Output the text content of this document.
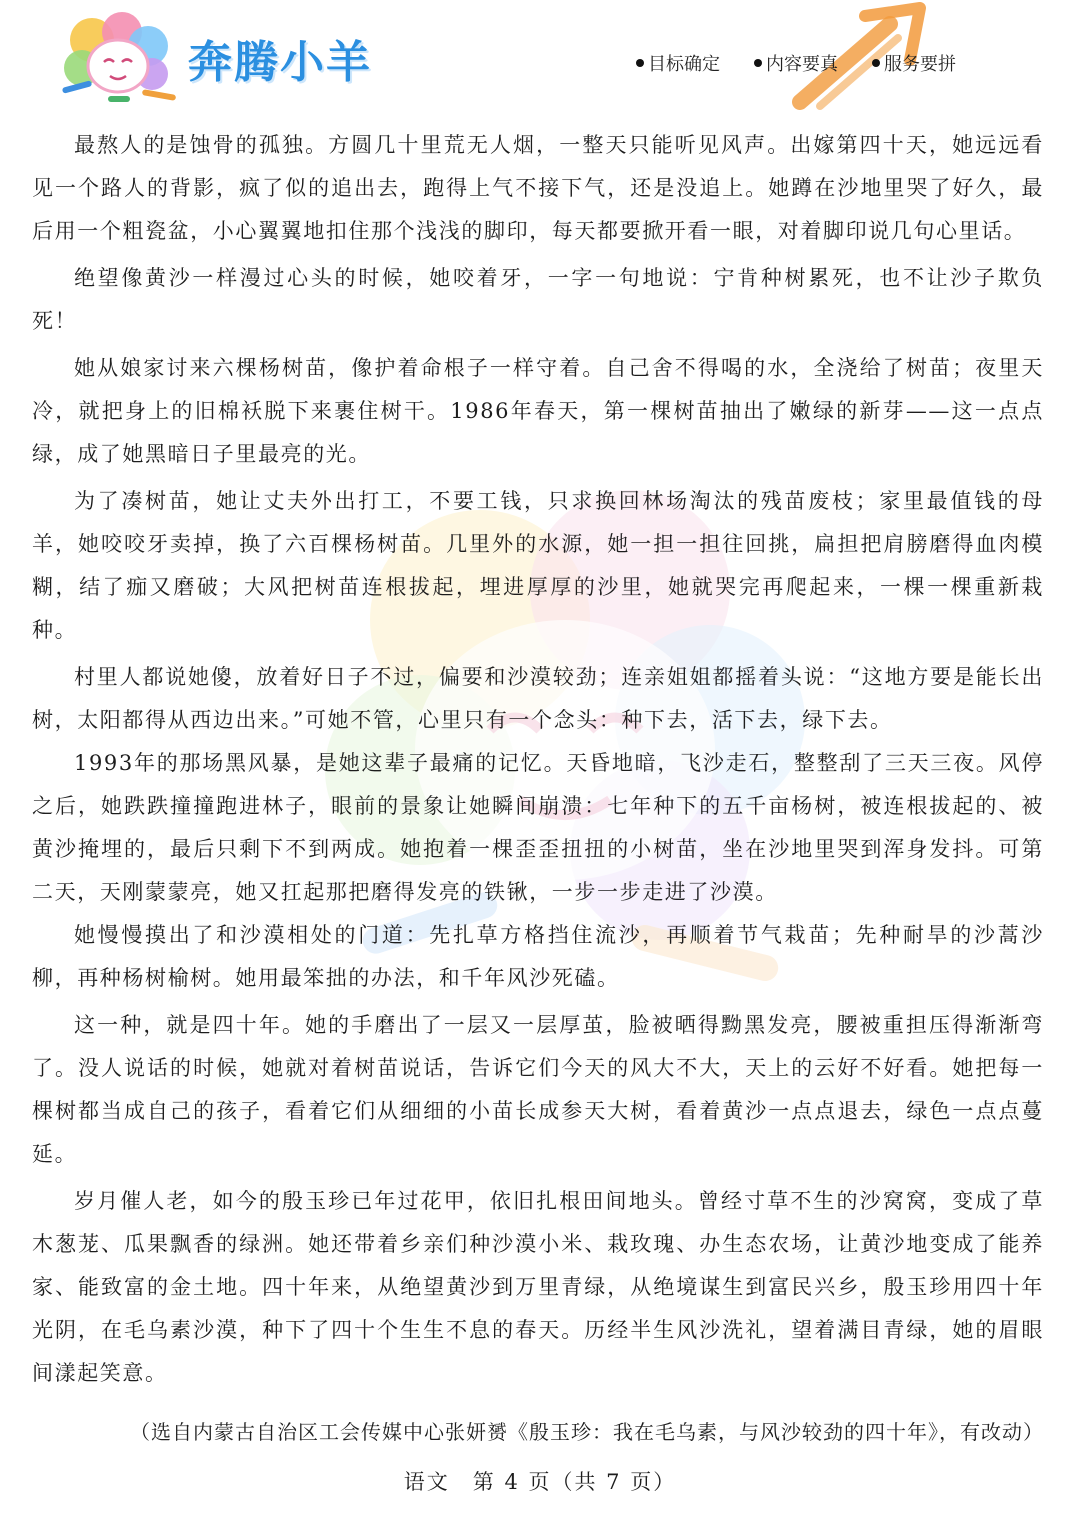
奔腾小羊	目标确定	内容要真	服务要拼

最熬人的是蚀骨的孤独。方圆几十里荒无人烟，一整天只能听见风声。出嫁第四十天，她远远看见一个路人的背影，疯了似的追出去，跑得上气不接下气，还是没追上。她蹲在沙地里哭了好久，最后用一个粗瓷盆，小心翼翼地扣住那个浅浅的脚印，每天都要掀开看一眼，对着脚印说几句心里话。

绝望像黄沙一样漫过心头的时候，她咬着牙，一字一句地说：宁肯种树累死，也不让沙子欺负死！

她从娘家讨来六棵杨树苗，像护着命根子一样守着。自己舍不得喝的水，全浇给了树苗；夜里天冷，就把身上的旧棉袄脱下来裹住树干。1986年春天，第一棵树苗抽出了嫩绿的新芽——这一点点绿，成了她黑暗日子里最亮的光。

为了凑树苗，她让丈夫外出打工，不要工钱，只求换回林场淘汰的残苗废枝；家里最值钱的母羊，她咬咬牙卖掉，换了六百棵杨树苗。几里外的水源，她一担一担往回挑，扁担把肩膀磨得血肉模糊，结了痂又磨破；大风把树苗连根拔起，埋进厚厚的沙里，她就哭完再爬起来，一棵一棵重新栽种。

村里人都说她傻，放着好日子不过，偏要和沙漠较劲；连亲姐姐都摇着头说：“这地方要是能长出树，太阳都得从西边出来。”可她不管，心里只有一个念头：种下去，活下去，绿下去。

1993年的那场黑风暴，是她这辈子最痛的记忆。天昏地暗，飞沙走石，整整刮了三天三夜。风停之后，她跌跌撞撞跑进林子，眼前的景象让她瞬间崩溃：七年种下的五千亩杨树，被连根拔起的、被黄沙掩埋的，最后只剩下不到两成。她抱着一棵歪歪扭扭的小树苗，坐在沙地里哭到浑身发抖。可第二天，天刚蒙蒙亮，她又扛起那把磨得发亮的铁锹，一步一步走进了沙漠。

她慢慢摸出了和沙漠相处的门道：先扎草方格挡住流沙，再顺着节气栽苗；先种耐旱的沙蒿沙柳，再种杨树榆树。她用最笨拙的办法，和千年风沙死磕。

这一种，就是四十年。她的手磨出了一层又一层厚茧，脸被晒得黝黑发亮，腰被重担压得渐渐弯了。没人说话的时候，她就对着树苗说话，告诉它们今天的风大不大，天上的云好不好看。她把每一棵树都当成自己的孩子，看着它们从细细的小苗长成参天大树，看着黄沙一点点退去，绿色一点点蔓延。

岁月催人老，如今的殷玉珍已年过花甲，依旧扎根田间地头。曾经寸草不生的沙窝窝，变成了草木葱茏、瓜果飘香的绿洲。她还带着乡亲们种沙漠小米、栽玫瑰、办生态农场，让黄沙地变成了能养家、能致富的金土地。四十年来，从绝望黄沙到万里青绿，从绝境谋生到富民兴乡，殷玉珍用四十年光阴，在毛乌素沙漠，种下了四十个生生不息的春天。历经半生风沙洗礼，望着满目青绿，她的眉眼间漾起笑意。

（选自内蒙古自治区工会传媒中心张妍赟《殷玉珍：我在毛乌素，与风沙较劲的四十年》，有改动）
语文　第 4 页（共 7 页）
